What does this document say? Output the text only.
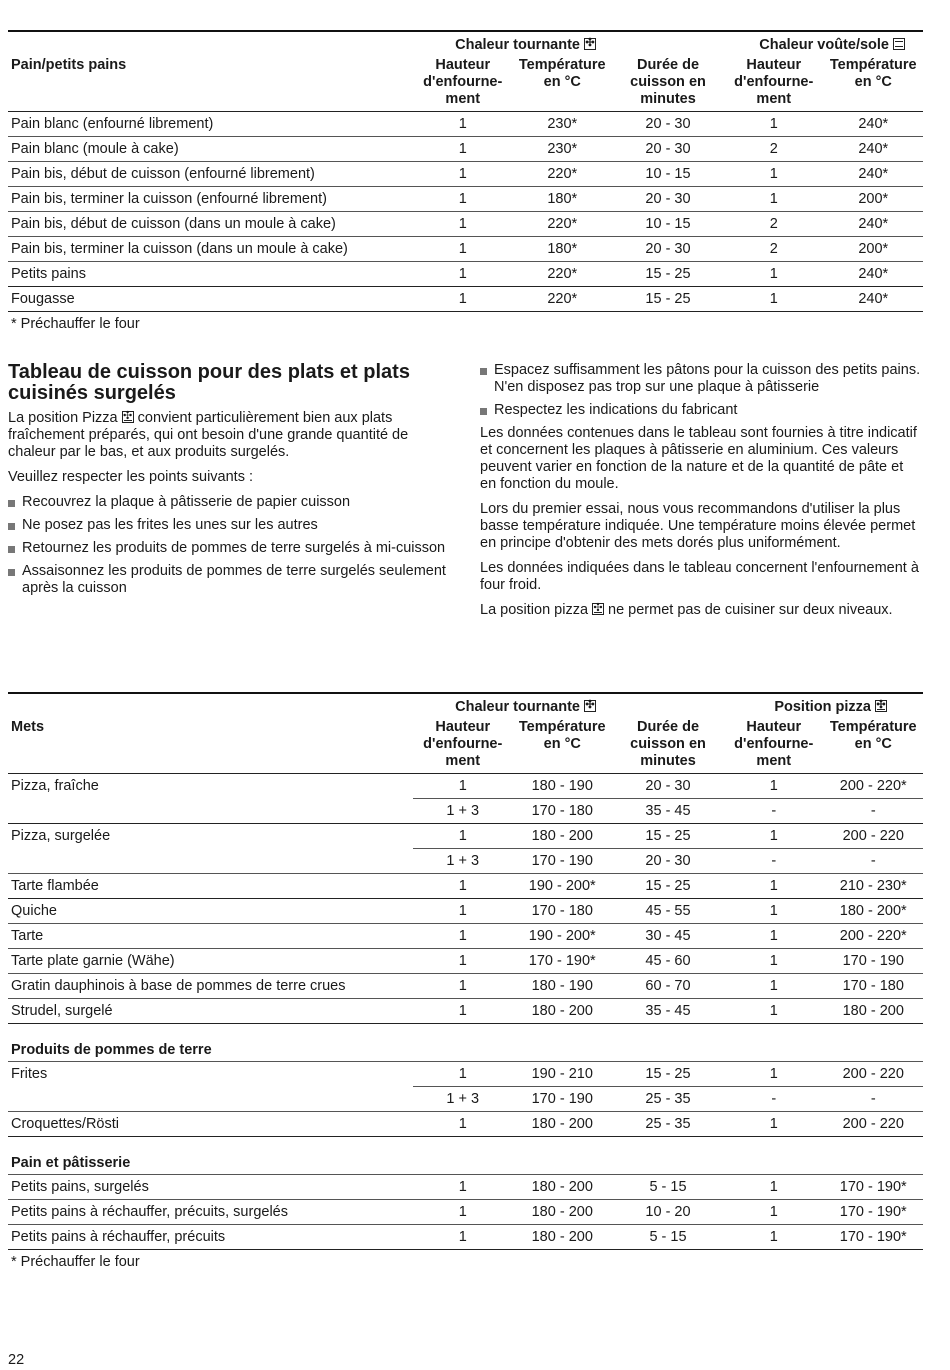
	Chaleur tournante✣			Chaleur voûte/sole	
Pain/petits pains	Hauteur
d'enfourne-
ment	Température
en °C	Durée de
cuisson en
minutes	Hauteur
d'enfourne-
ment	Température
en °C
Pain blanc (enfourné librement)	1	230*	20 - 30	1	240*
Pain blanc (moule à cake)	1	230*	20 - 30	2	240*
Pain bis, début de cuisson (enfourné librement)	1	220*	10 - 15	1	240*
Pain bis, terminer la cuisson (enfourné librement)	1	180*	20 - 30	1	200*
Pain bis, début de cuisson (dans un moule à cake)	1	220*	10 - 15	2	240*
Pain bis, terminer la cuisson (dans un moule à cake)	1	180*	20 - 30	2	200*
Petits pains	1	220*	15 - 25	1	240*
Fougasse	1	220*	15 - 25	1	240*
* Préchauffer le four
Tableau de cuisson pour des plats et plats cuisinés surgelés

La position Pizza ✣ convient particulièrement bien aux plats fraîchement préparés, qui ont besoin d'une grande quantité de chaleur par le bas, et aux produits surgelés.

Veuillez respecter les points suivants :

Recouvrez la plaque à pâtisserie de papier cuisson
Ne posez pas les frites les unes sur les autres
Retournez les produits de pommes de terre surgelés à mi-cuisson
Assaisonnez les produits de pommes de terre surgelés seulement après la cuisson
Espacez suffisamment les pâtons pour la cuisson des petits pains. N'en disposez pas trop sur une plaque à pâtisserie
Respectez les indications du fabricant

Les données contenues dans le tableau sont fournies à titre indicatif et concernent les plaques à pâtisserie en aluminium. Ces valeurs peuvent varier en fonction de la nature et de la quantité de pâte et en fonction du moule.

Lors du premier essai, nous vous recommandons d'utiliser la plus basse température indiquée. Une température moins élevée permet en principe d'obtenir des mets dorés plus uniformément.

Les données indiquées dans le tableau concernent l'enfournement à four froid.

La position pizza ✣ ne permet pas de cuisiner sur deux niveaux.

	Chaleur tournante✣			Position pizza✣
Mets	Hauteur
d'enfourne-
ment	Température
en °C	Durée de
cuisson en
minutes	Hauteur
d'enfourne-
ment	Température
en °C
Pizza, fraîche	1	180 - 190	20 - 30	1	200 - 220*
	1 + 3	170 - 180	35 - 45	-	-
Pizza, surgelée	1	180 - 200	15 - 25	1	200 - 220
	1 + 3	170 - 190	20 - 30	-	-
Tarte flambée	1	190 - 200*	15 - 25	1	210 - 230*
Quiche	1	170 - 180	45 - 55	1	180 - 200*
Tarte	1	190 - 200*	30 - 45	1	200 - 220*
Tarte plate garnie (Wähe)	1	170 - 190*	45 - 60	1	170 - 190
Gratin dauphinois à base de pommes de terre crues	1	180 - 190	60 - 70	1	170 - 180
Strudel, surgelé	1	180 - 200	35 - 45	1	180 - 200
Produits de pommes de terre					
Frites	1	190 - 210	15 - 25	1	200 - 220
	1 + 3	170 - 190	25 - 35	-	-
Croquettes/Rösti	1	180 - 200	25 - 35	1	200 - 220
Pain et pâtisserie					
Petits pains, surgelés	1	180 - 200	5 - 15	1	170 - 190*
Petits pains à réchauffer, précuits, surgelés	1	180 - 200	10 - 20	1	170 - 190*
Petits pains à réchauffer, précuits	1	180 - 200	5 - 15	1	170 - 190*
* Préchauffer le four
22
